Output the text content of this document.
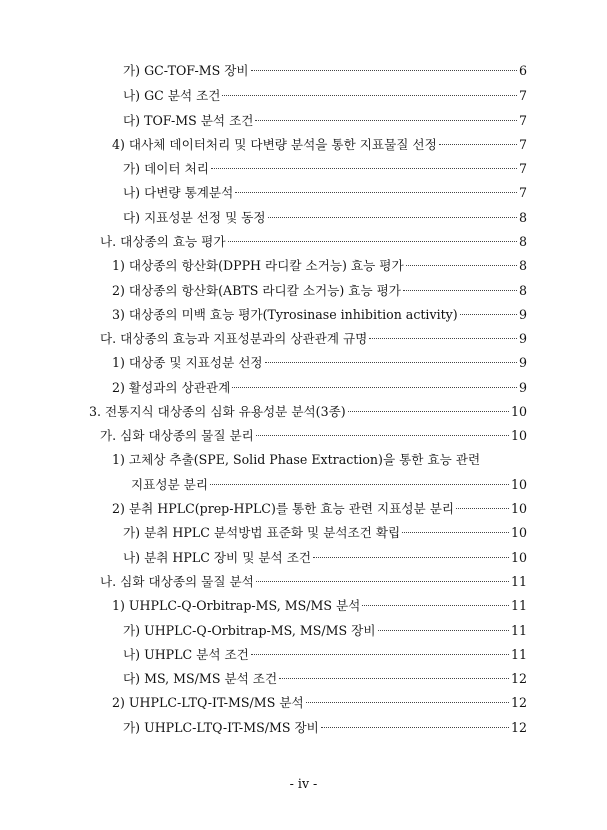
가) GC-TOF-MS 장비	6
나) GC 분석 조건	7
다) TOF-MS 분석 조건	7
4) 대사체 데이터처리 및 다변량 분석을 통한 지표물질 선정	7
가) 데이터 처리	7
나) 다변량 통계분석	7
다) 지표성분 선정 및 동정	8
나. 대상종의 효능 평가	8
1) 대상종의 항산화(DPPH 라디칼 소거능) 효능 평가	8
2) 대상종의 항산화(ABTS 라디칼 소거능) 효능 평가	8
3) 대상종의 미백 효능 평가(Tyrosinase inhibition activity)	9
다. 대상종의 효능과 지표성분과의 상관관계 규명	9
1) 대상종 및 지표성분 선정	9
2) 활성과의 상관관계	9
3. 전통지식 대상종의 심화 유용성분 분석(3종)	10
가. 심화 대상종의 물질 분리	10
1) 고체상 추출(SPE, Solid Phase Extraction)을 통한 효능 관련
지표성분 분리	10
2) 분취 HPLC(prep-HPLC)를 통한 효능 관련 지표성분 분리	10
가) 분취 HPLC 분석방법 표준화 및 분석조건 확립	10
나) 분취 HPLC 장비 및 분석 조건	10
나. 심화 대상종의 물질 분석	11
1) UHPLC-Q-Orbitrap-MS, MS/MS 분석	11
가) UHPLC-Q-Orbitrap-MS, MS/MS 장비	11
나) UHPLC 분석 조건	11
다) MS, MS/MS 분석 조건	12
2) UHPLC-LTQ-IT-MS/MS 분석	12
가) UHPLC-LTQ-IT-MS/MS 장비	12
- iv -
